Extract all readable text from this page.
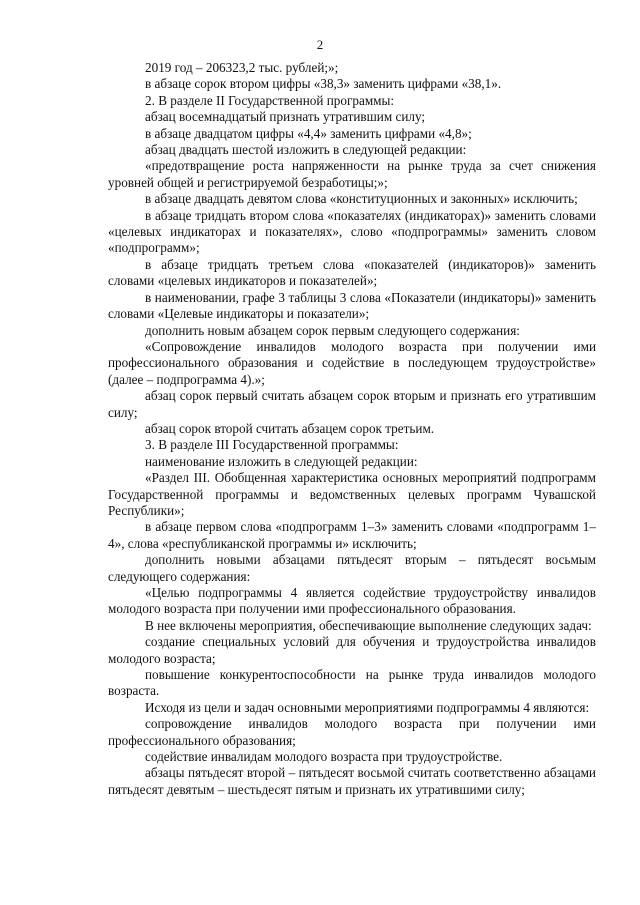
2

2019 год – 206323,2 тыс. рублей;»;

в абзаце сорок втором цифры «38,3» заменить цифрами «38,1».

2. В разделе II Государственной программы:

абзац восемнадцатый признать утратившим силу;

в абзаце двадцатом цифры «4,4» заменить цифрами «4,8»;

абзац двадцать шестой изложить в следующей редакции:

«предотвращение роста напряженности на рынке труда за счет снижения уровней общей и регистрируемой безработицы;»;

в абзаце двадцать девятом слова «конституционных и законных» исключить;

в абзаце тридцать втором слова «показателях (индикаторах)» заменить словами «целевых индикаторах и показателях», слово «подпрограммы» заменить словом «подпрограмм»;

в абзаце тридцать третьем слова «показателей (индикаторов)» заменить словами «целевых индикаторов и показателей»;

в наименовании, графе 3 таблицы 3 слова «Показатели (индикаторы)» заменить словами «Целевые индикаторы и показатели»;

дополнить новым абзацем сорок первым следующего содержания:

«Сопровождение инвалидов молодого возраста при получении ими профессионального образования и содействие в последующем трудоустройстве» (далее – подпрограмма 4).»;

абзац сорок первый считать абзацем сорок вторым и признать его утратившим силу;

абзац сорок второй считать абзацем сорок третьим.

3. В разделе III Государственной программы:

наименование изложить в следующей редакции:

«Раздел III. Обобщенная характеристика основных мероприятий подпрограмм Государственной программы и ведомственных целевых программ Чувашской Республики»;

в абзаце первом слова «подпрограмм 1–3» заменить словами «подпрограмм 1–4», слова «республиканской программы и» исключить;

дополнить новыми абзацами пятьдесят вторым – пятьдесят восьмым следующего содержания:

«Целью подпрограммы 4 является содействие трудоустройству инвалидов молодого возраста при получении ими профессионального образования.

В нее включены мероприятия, обеспечивающие выполнение следующих задач:

создание специальных условий для обучения и трудоустройства инвалидов молодого возраста;

повышение конкурентоспособности на рынке труда инвалидов молодого возраста.

Исходя из цели и задач основными мероприятиями подпрограммы 4 являются:

сопровождение инвалидов молодого возраста при получении ими профессионального образования;

содействие инвалидам молодого возраста при трудоустройстве.

абзацы пятьдесят второй – пятьдесят восьмой считать соответственно абзацами пятьдесят девятым – шестьдесят пятым и признать их утратившими силу;
